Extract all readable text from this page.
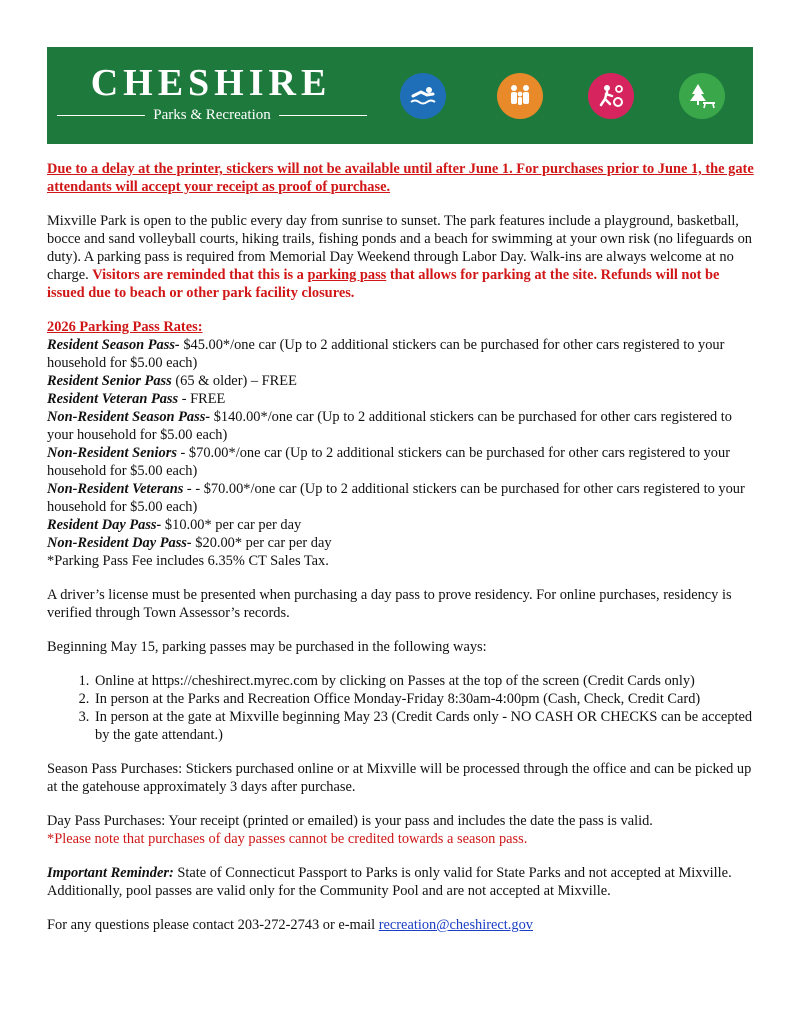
CHESHIRE
Parks & Recreation

Due to a delay at the printer, stickers will not be available until after June 1. For purchases prior to June 1, the gate attendants will accept your receipt as proof of purchase.

Mixville Park is open to the public every day from sunrise to sunset. The park features include a playground, basketball, bocce and sand volleyball courts, hiking trails, fishing ponds and a beach for swimming at your own risk (no lifeguards on duty). A parking pass is required from Memorial Day Weekend through Labor Day. Walk-ins are always welcome at no charge. Visitors are reminded that this is a parking pass that allows for parking at the site. Refunds will not be issued due to beach or other park facility closures.

2026 Parking Pass Rates:
Resident Season Pass- $45.00*/one car (Up to 2 additional stickers can be purchased for other cars registered to your household for $5.00 each)
Resident Senior Pass (65 & older) – FREE
Resident Veteran Pass - FREE
Non-Resident Season Pass- $140.00*/one car (Up to 2 additional stickers can be purchased for other cars registered to your household for $5.00 each)
Non-Resident Seniors - $70.00*/one car (Up to 2 additional stickers can be purchased for other cars registered to your household for $5.00 each)
Non-Resident Veterans - - $70.00*/one car (Up to 2 additional stickers can be purchased for other cars registered to your household for $5.00 each)
Resident Day Pass- $10.00* per car per day
Non-Resident Day Pass- $20.00* per car per day
*Parking Pass Fee includes 6.35% CT Sales Tax.

A driver’s license must be presented when purchasing a day pass to prove residency. For online purchases, residency is verified through Town Assessor’s records.

Beginning May 15, parking passes may be purchased in the following ways:

1. Online at https://cheshirect.myrec.com by clicking on Passes at the top of the screen (Credit Cards only)
2. In person at the Parks and Recreation Office Monday-Friday 8:30am-4:00pm (Cash, Check, Credit Card)
3. In person at the gate at Mixville beginning May 23 (Credit Cards only - NO CASH OR CHECKS can be accepted by the gate attendant.)

Season Pass Purchases: Stickers purchased online or at Mixville will be processed through the office and can be picked up at the gatehouse approximately 3 days after purchase.

Day Pass Purchases: Your receipt (printed or emailed) is your pass and includes the date the pass is valid.
*Please note that purchases of day passes cannot be credited towards a season pass.

Important Reminder: State of Connecticut Passport to Parks is only valid for State Parks and not accepted at Mixville. Additionally, pool passes are valid only for the Community Pool and are not accepted at Mixville.

For any questions please contact 203-272-2743 or e-mail recreation@cheshirect.gov
